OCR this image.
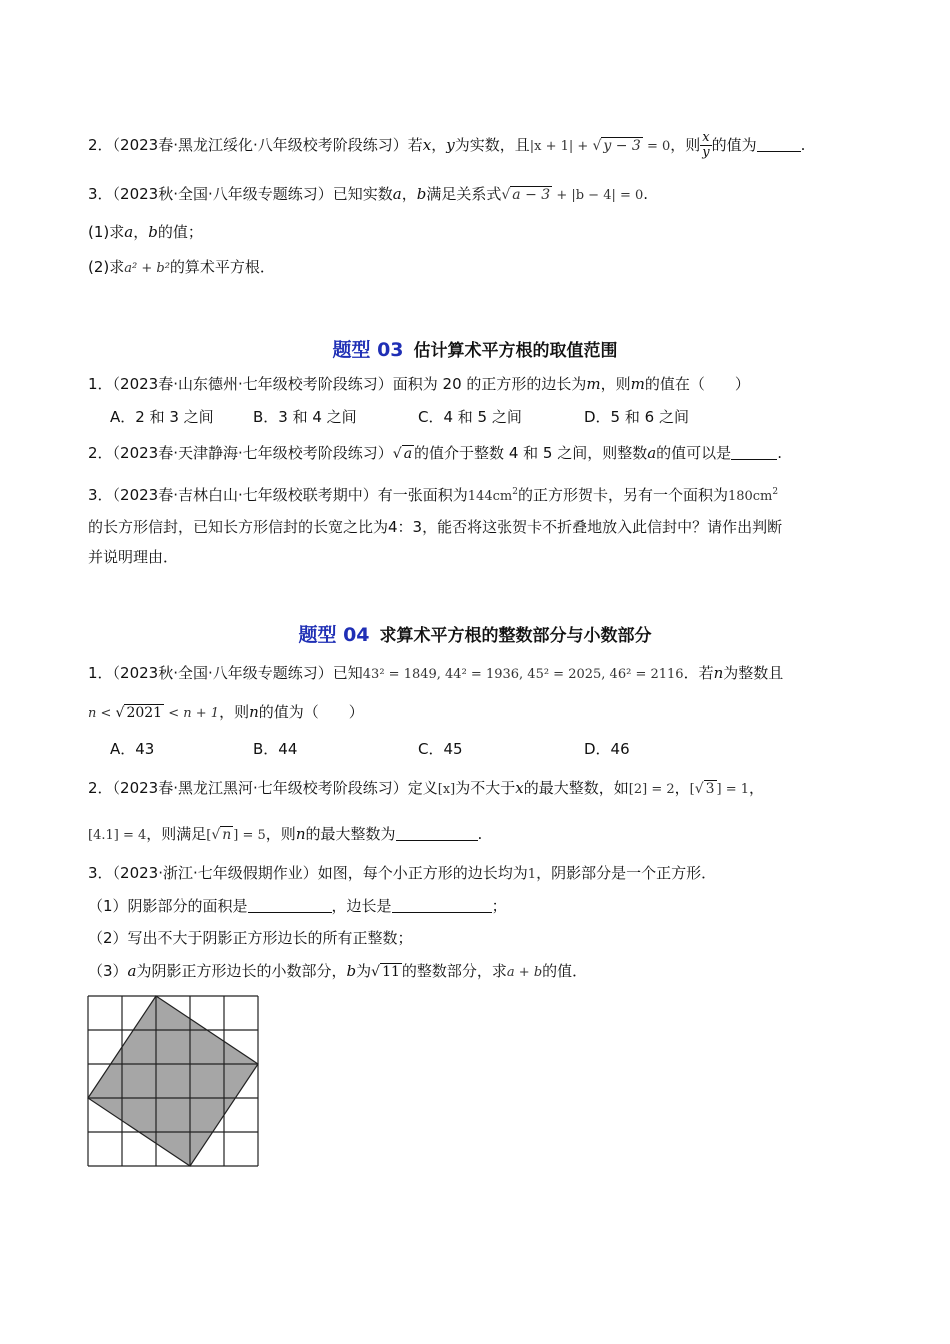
2．（2023春·黑龙江绥化·八年级校考阶段练习）若x，y为实数，且|x + 1| + √ y − 3 = 0，则 $\frac{x}{y}$ 的值为	.
3．（2023秋·全国·八年级专题练习）已知实数a，b满足关系式√ a − 3 + |b − 4| = 0.
(1)求a，b的值；
(2)求a² + b²的算术平方根．
题型 03 估计算术平方根的取值范围
1．（2023春·山东德州·七年级校考阶段练习）面积为 20 的正方形的边长为m，则m的值在（　　）
A．2 和 3 之间	B．3 和 4 之间	C．4 和 5 之间	D．5 和 6 之间
2．（2023春·天津静海·七年级校考阶段练习）√ a 的值介于整数 4 和 5 之间，则整数a的值可以是	.
3．（2023春·吉林白山·七年级校联考期中）有一张面积为$144cm^2$的正方形贺卡，另有一个面积为$180cm^2$
的长方形信封，已知长方形信封的长宽之比为4：3，能否将这张贺卡不折叠地放入此信封中？请作出判断
并说明理由．
题型 04 求算术平方根的整数部分与小数部分
1．（2023秋·全国·八年级专题练习）已知43² = 1849, 44² = 1936, 45² = 2025, 46² = 2116．若n为整数且
n < √ 2021 < n + 1，则n的值为（　　）
A．43	B．44	C．45	D．46
2．（2023春·黑龙江黑河·七年级校考阶段练习）定义[x]为不大于x的最大整数，如[2] = 2，[√ 3 ] = 1，
[4.1] = 4，则满足[√ n ] = 5，则n的最大整数为	.
3．（2023·浙江·七年级假期作业）如图，每个小正方形的边长均为1，阴影部分是一个正方形．
（1）阴影部分的面积是	，边长是	；
（2）写出不大于阴影正方形边长的所有正整数；
（3）a为阴影正方形边长的小数部分，b为√ 11 的整数部分，求a + b的值．
